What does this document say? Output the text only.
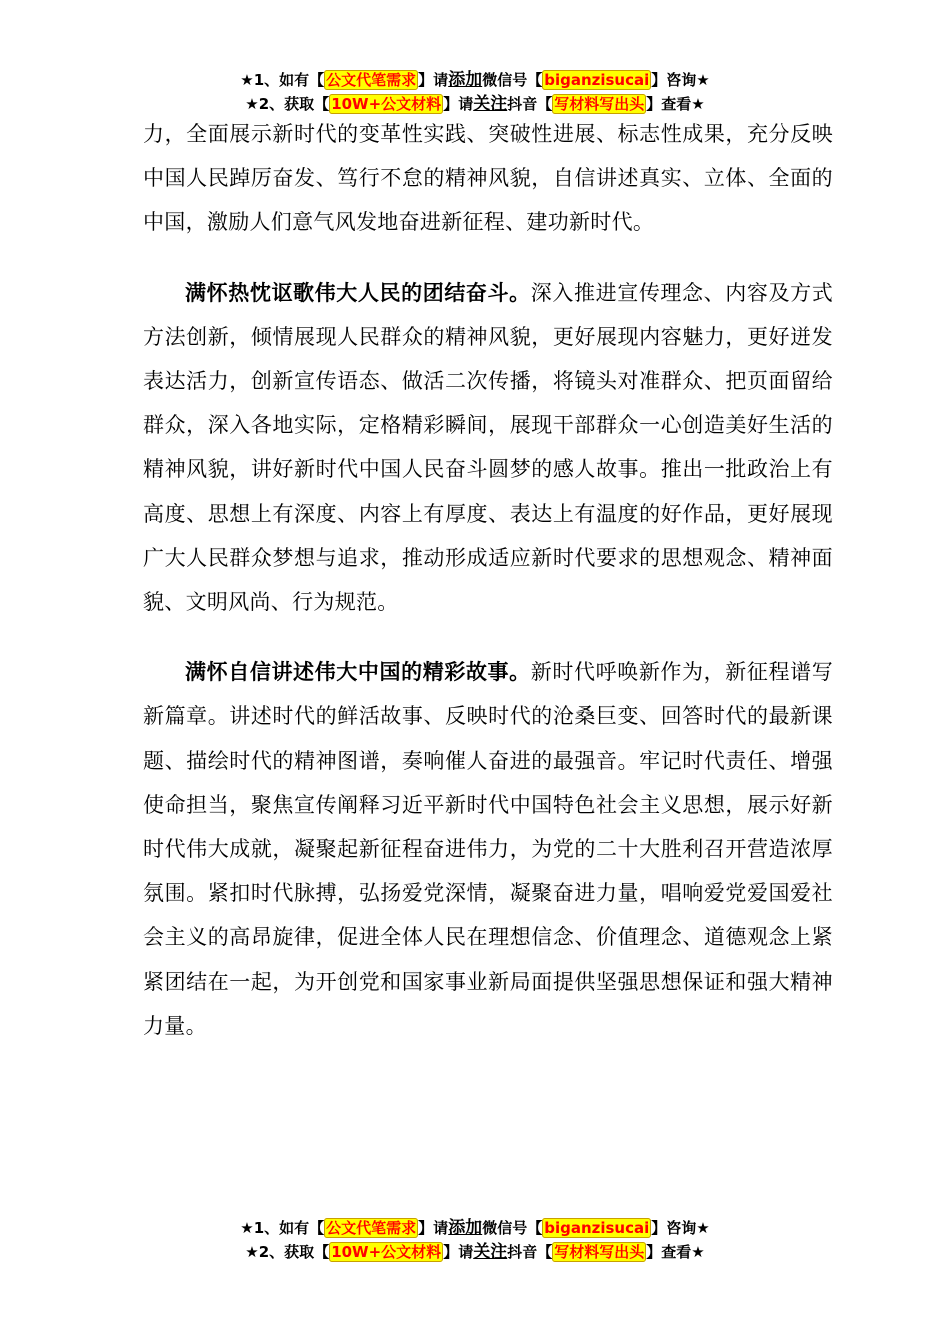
★1、如有【 公文代笔需求 】请添加微信号【 biganzisucai 】咨询★
★2、获取【 10W+公文材料 】请关注抖音【 写材料写出头 】查看★

力，全面展示新时代的变革性实践、突破性进展、标志性成果，充分反映中国人民踔厉奋发、笃行不怠的精神风貌，自信讲述真实、立体、全面的中国，激励人们意气风发地奋进新征程、建功新时代。

满怀热忱讴歌伟大人民的团结奋斗。深入推进宣传理念、内容及方式方法创新，倾情展现人民群众的精神风貌，更好展现内容魅力，更好迸发表达活力，创新宣传语态、做活二次传播，将镜头对准群众、把页面留给群众，深入各地实际，定格精彩瞬间，展现干部群众一心创造美好生活的精神风貌，讲好新时代中国人民奋斗圆梦的感人故事。推出一批政治上有高度、思想上有深度、内容上有厚度、表达上有温度的好作品，更好展现广大人民群众梦想与追求，推动形成适应新时代要求的思想观念、精神面貌、文明风尚、行为规范。

满怀自信讲述伟大中国的精彩故事。新时代呼唤新作为，新征程谱写新篇章。讲述时代的鲜活故事、反映时代的沧桑巨变、回答时代的最新课题、描绘时代的精神图谱，奏响催人奋进的最强音。牢记时代责任、增强使命担当，聚焦宣传阐释习近平新时代中国特色社会主义思想，展示好新时代伟大成就，凝聚起新征程奋进伟力，为党的二十大胜利召开营造浓厚氛围。紧扣时代脉搏，弘扬爱党深情，凝聚奋进力量，唱响爱党爱国爱社会主义的高昂旋律，促进全体人民在理想信念、价值理念、道德观念上紧紧团结在一起，为开创党和国家事业新局面提供坚强思想保证和强大精神力量。

★1、如有【 公文代笔需求 】请添加微信号【 biganzisucai 】咨询★
★2、获取【 10W+公文材料 】请关注抖音【 写材料写出头 】查看★
